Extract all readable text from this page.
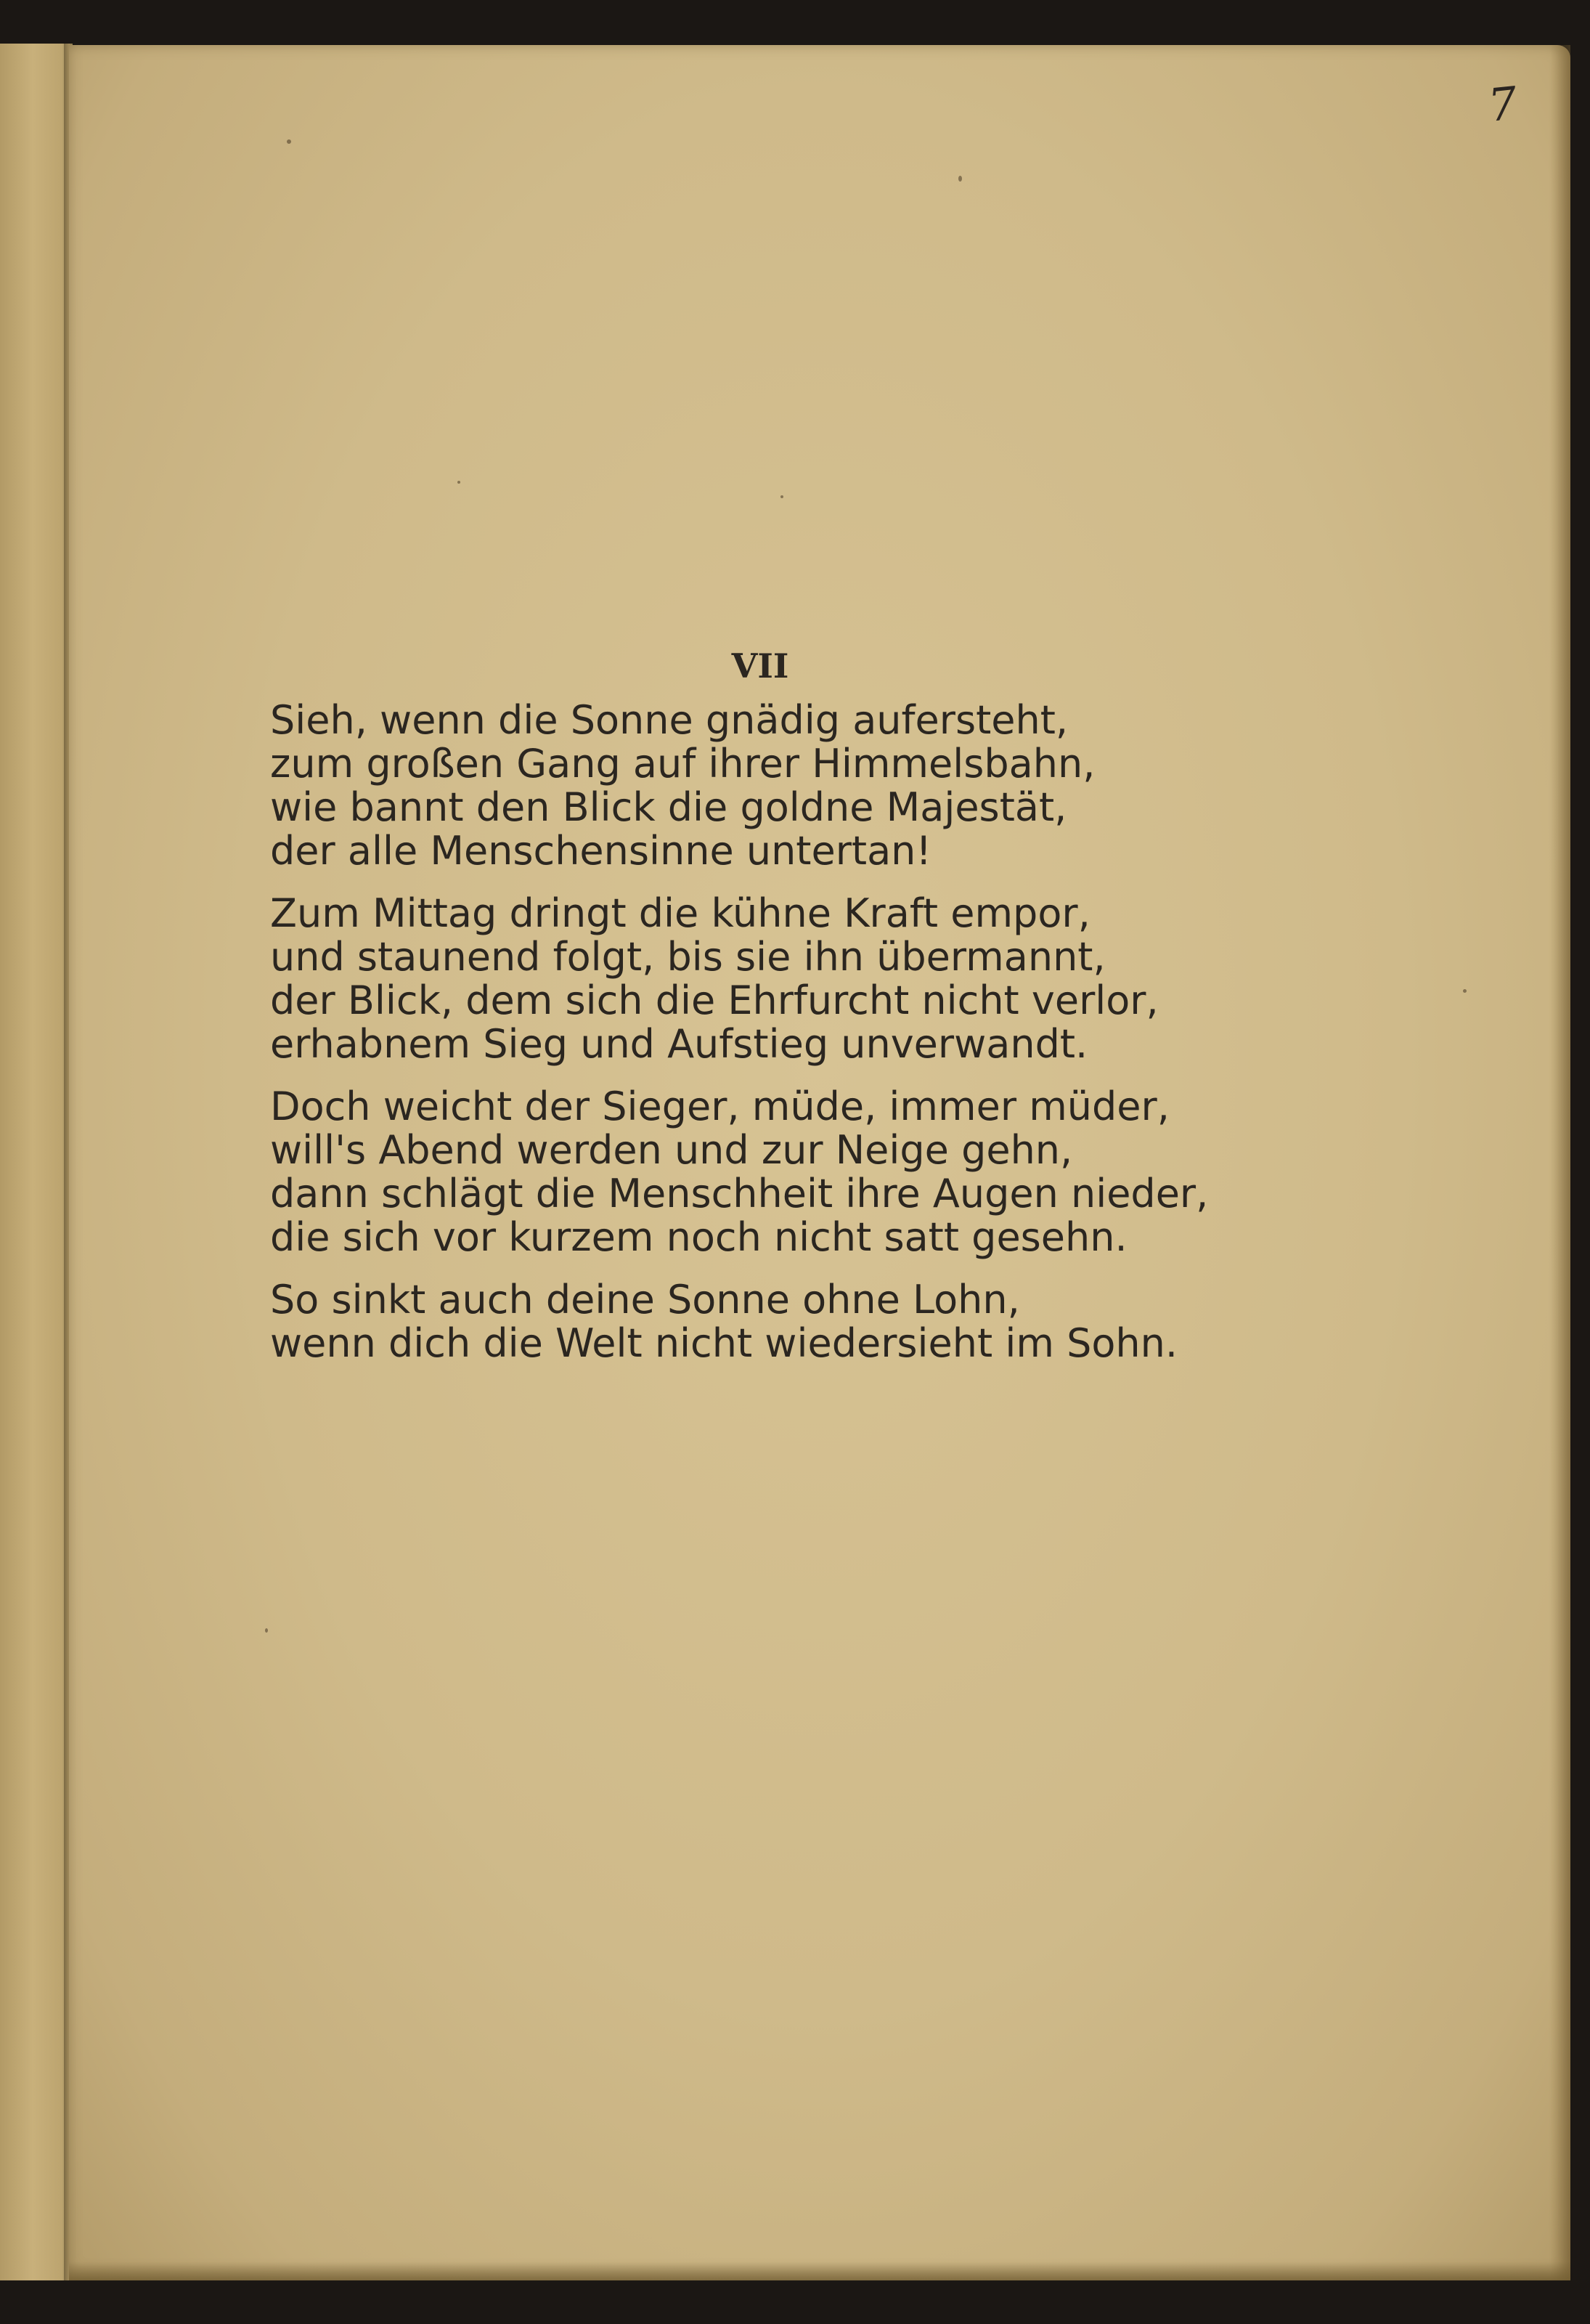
7
VII
Sieh, wenn die Sonne gnädig aufersteht,
zum großen Gang auf ihrer Himmelsbahn,
wie bannt den Blick die goldne Majestät,
der alle Menschensinne untertan!
Zum Mittag dringt die kühne Kraft empor,
und staunend folgt, bis sie ihn übermannt,
der Blick, dem sich die Ehrfurcht nicht verlor,
erhabnem Sieg und Aufstieg unverwandt.
Doch weicht der Sieger, müde, immer müder,
will's Abend werden und zur Neige gehn,
dann schlägt die Menschheit ihre Augen nieder,
die sich vor kurzem noch nicht satt gesehn.
So sinkt auch deine Sonne ohne Lohn,
wenn dich die Welt nicht wiedersieht im Sohn.
